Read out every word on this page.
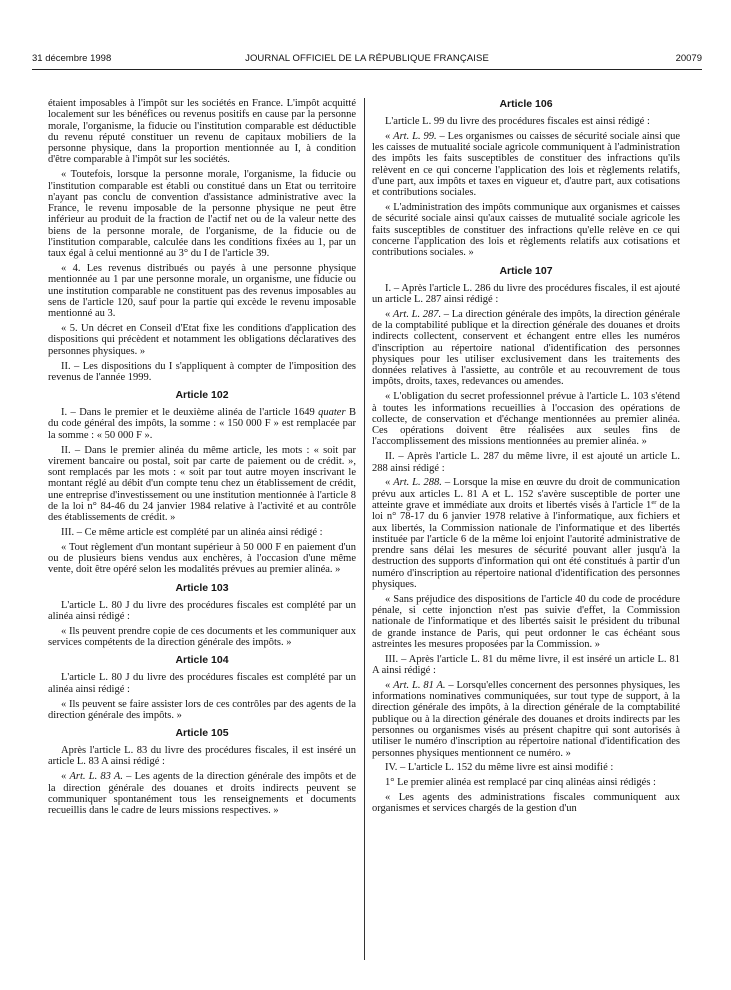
31 décembre 1998	JOURNAL OFFICIEL DE LA RÉPUBLIQUE FRANÇAISE	20079

étaient imposables à l'impôt sur les sociétés en France. L'impôt acquitté localement sur les bénéfices ou revenus positifs en cause par la personne morale, l'organisme, la fiducie ou l'institution comparable est déductible du revenu réputé constituer un revenu de capitaux mobiliers de la personne physique, dans la proportion mentionnée au I, à condition d'être comparable à l'impôt sur les sociétés.

« Toutefois, lorsque la personne morale, l'organisme, la fiducie ou l'institution comparable est établi ou constitué dans un Etat ou territoire n'ayant pas conclu de convention d'assistance administrative avec la France, le revenu imposable de la personne physique ne peut être inférieur au produit de la fraction de l'actif net ou de la valeur nette des biens de la personne morale, de l'organisme, de la fiducie ou de l'institution comparable, calculée dans les conditions fixées au 1, par un taux égal à celui mentionné au 3° du I de l'article 39.

« 4. Les revenus distribués ou payés à une personne physique mentionnée au 1 par une personne morale, un organisme, une fiducie ou une institution comparable ne constituent pas des revenus imposables au sens de l'article 120, sauf pour la partie qui excède le revenu imposable mentionné au 3.

« 5. Un décret en Conseil d'Etat fixe les conditions d'application des dispositions qui précèdent et notamment les obligations déclaratives des personnes physiques. »

II. – Les dispositions du I s'appliquent à compter de l'imposition des revenus de l'année 1999.

Article 102

I. – Dans le premier et le deuxième alinéa de l'article 1649 quater B du code général des impôts, la somme : « 150 000 F » est remplacée par la somme : « 50 000 F ».

II. – Dans le premier alinéa du même article, les mots : « soit par virement bancaire ou postal, soit par carte de paiement ou de crédit. », sont remplacés par les mots : « soit par tout autre moyen inscrivant le montant réglé au débit d'un compte tenu chez un établissement de crédit, une entreprise d'investissement ou une institution mentionnée à l'article 8 de la loi n° 84-46 du 24 janvier 1984 relative à l'activité et au contrôle des établissements de crédit. »

III. – Ce même article est complété par un alinéa ainsi rédigé :

« Tout règlement d'un montant supérieur à 50 000 F en paiement d'un ou de plusieurs biens vendus aux enchères, à l'occasion d'une même vente, doit être opéré selon les modalités prévues au premier alinéa. »

Article 103

L'article L. 80 J du livre des procédures fiscales est complété par un alinéa ainsi rédigé :

« Ils peuvent prendre copie de ces documents et les communiquer aux services compétents de la direction générale des impôts. »

Article 104

L'article L. 80 J du livre des procédures fiscales est complété par un alinéa ainsi rédigé :

« Ils peuvent se faire assister lors de ces contrôles par des agents de la direction générale des impôts. »

Article 105

Après l'article L. 83 du livre des procédures fiscales, il est inséré un article L. 83 A ainsi rédigé :

« Art. L. 83 A. – Les agents de la direction générale des impôts et de la direction générale des douanes et droits indirects peuvent se communiquer spontanément tous les renseignements et documents recueillis dans le cadre de leurs missions respectives. »

Article 106

L'article L. 99 du livre des procédures fiscales est ainsi rédigé :

« Art. L. 99. – Les organismes ou caisses de sécurité sociale ainsi que les caisses de mutualité sociale agricole communiquent à l'administration des impôts les faits susceptibles de constituer des infractions qu'ils relèvent en ce qui concerne l'application des lois et règlements relatifs, d'une part, aux impôts et taxes en vigueur et, d'autre part, aux cotisations et contributions sociales.

« L'administration des impôts communique aux organismes et caisses de sécurité sociale ainsi qu'aux caisses de mutualité sociale agricole les faits susceptibles de constituer des infractions qu'elle relève en ce qui concerne l'application des lois et règlements relatifs aux cotisations et contributions sociales. »

Article 107

I. – Après l'article L. 286 du livre des procédures fiscales, il est ajouté un article L. 287 ainsi rédigé :

« Art. L. 287. – La direction générale des impôts, la direction générale de la comptabilité publique et la direction générale des douanes et droits indirects collectent, conservent et échangent entre elles les numéros d'inscription au répertoire national d'identification des personnes physiques pour les utiliser exclusivement dans les traitements des données relatives à l'assiette, au contrôle et au recouvrement de tous impôts, droits, taxes, redevances ou amendes.

« L'obligation du secret professionnel prévue à l'article L. 103 s'étend à toutes les informations recueillies à l'occasion des opérations de collecte, de conservation et d'échange mentionnées au premier alinéa. Ces opérations doivent être réalisées aux seules fins de l'accomplissement des missions mentionnées au premier alinéa. »

II. – Après l'article L. 287 du même livre, il est ajouté un article L. 288 ainsi rédigé :

« Art. L. 288. – Lorsque la mise en œuvre du droit de communication prévu aux articles L. 81 A et L. 152 s'avère susceptible de porter une atteinte grave et immédiate aux droits et libertés visés à l'article 1er de la loi n° 78-17 du 6 janvier 1978 relative à l'informatique, aux fichiers et aux libertés, la Commission nationale de l'informatique et des libertés instituée par l'article 6 de la même loi enjoint l'autorité administrative de prendre sans délai les mesures de sécurité pouvant aller jusqu'à la destruction des supports d'information qui ont été constitués à partir d'un numéro d'inscription au répertoire national d'identification des personnes physiques.

« Sans préjudice des dispositions de l'article 40 du code de procédure pénale, si cette injonction n'est pas suivie d'effet, la Commission nationale de l'informatique et des libertés saisit le président du tribunal de grande instance de Paris, qui peut ordonner le cas échéant sous astreintes les mesures proposées par la Commission. »

III. – Après l'article L. 81 du même livre, il est inséré un article L. 81 A ainsi rédigé :

« Art. L. 81 A. – Lorsqu'elles concernent des personnes physiques, les informations nominatives communiquées, sur tout type de support, à la direction générale des impôts, à la direction générale de la comptabilité publique ou à la direction générale des douanes et droits indirects par les personnes ou organismes visés au présent chapitre qui sont autorisés à utiliser le numéro d'inscription au répertoire national d'identification des personnes physiques mentionnent ce numéro. »

IV. – L'article L. 152 du même livre est ainsi modifié :

1° Le premier alinéa est remplacé par cinq alinéas ainsi rédigés :

« Les agents des administrations fiscales communiquent aux organismes et services chargés de la gestion d'un
